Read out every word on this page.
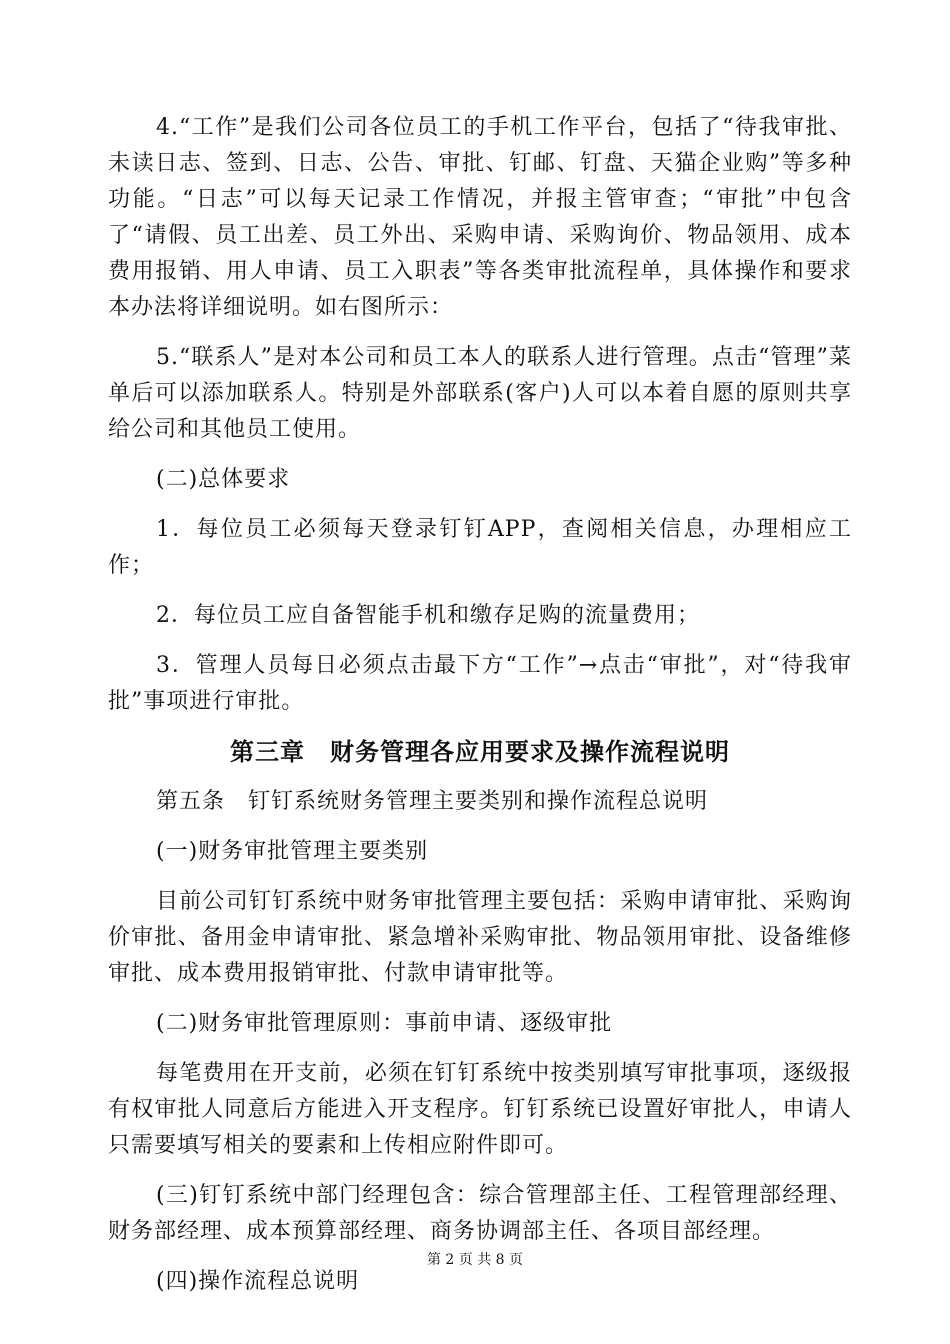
4.“工作”是我们公司各位员工的手机工作平台，包括了“待我审批、未读日志、签到、日志、公告、审批、钉邮、钉盘、天猫企业购”等多种功能。“日志”可以每天记录工作情况，并报主管审查；“审批”中包含了“请假、员工出差、员工外出、采购申请、采购询价、物品领用、成本费用报销、用人申请、员工入职表”等各类审批流程单，具体操作和要求本办法将详细说明。如右图所示：

5.“联系人”是对本公司和员工本人的联系人进行管理。点击“管理”菜单后可以添加联系人。特别是外部联系(客户)人可以本着自愿的原则共享给公司和其他员工使用。

(二)总体要求

1．每位员工必须每天登录钉钉APP，查阅相关信息，办理相应工作；

2．每位员工应自备智能手机和缴存足购的流量费用；

3．管理人员每日必须点击最下方“工作”→点击“审批”，对“待我审批”事项进行审批。

第三章　财务管理各应用要求及操作流程说明

第五条　钉钉系统财务管理主要类别和操作流程总说明

(一)财务审批管理主要类别

目前公司钉钉系统中财务审批管理主要包括：采购申请审批、采购询价审批、备用金申请审批、紧急增补采购审批、物品领用审批、设备维修审批、成本费用报销审批、付款申请审批等。

(二)财务审批管理原则：事前申请、逐级审批

每笔费用在开支前，必须在钉钉系统中按类别填写审批事项，逐级报有权审批人同意后方能进入开支程序。钉钉系统已设置好审批人，申请人只需要填写相关的要素和上传相应附件即可。

(三)钉钉系统中部门经理包含：综合管理部主任、工程管理部经理、财务部经理、成本预算部经理、商务协调部主任、各项目部经理。

(四)操作流程总说明

第 2 页 共 8 页
